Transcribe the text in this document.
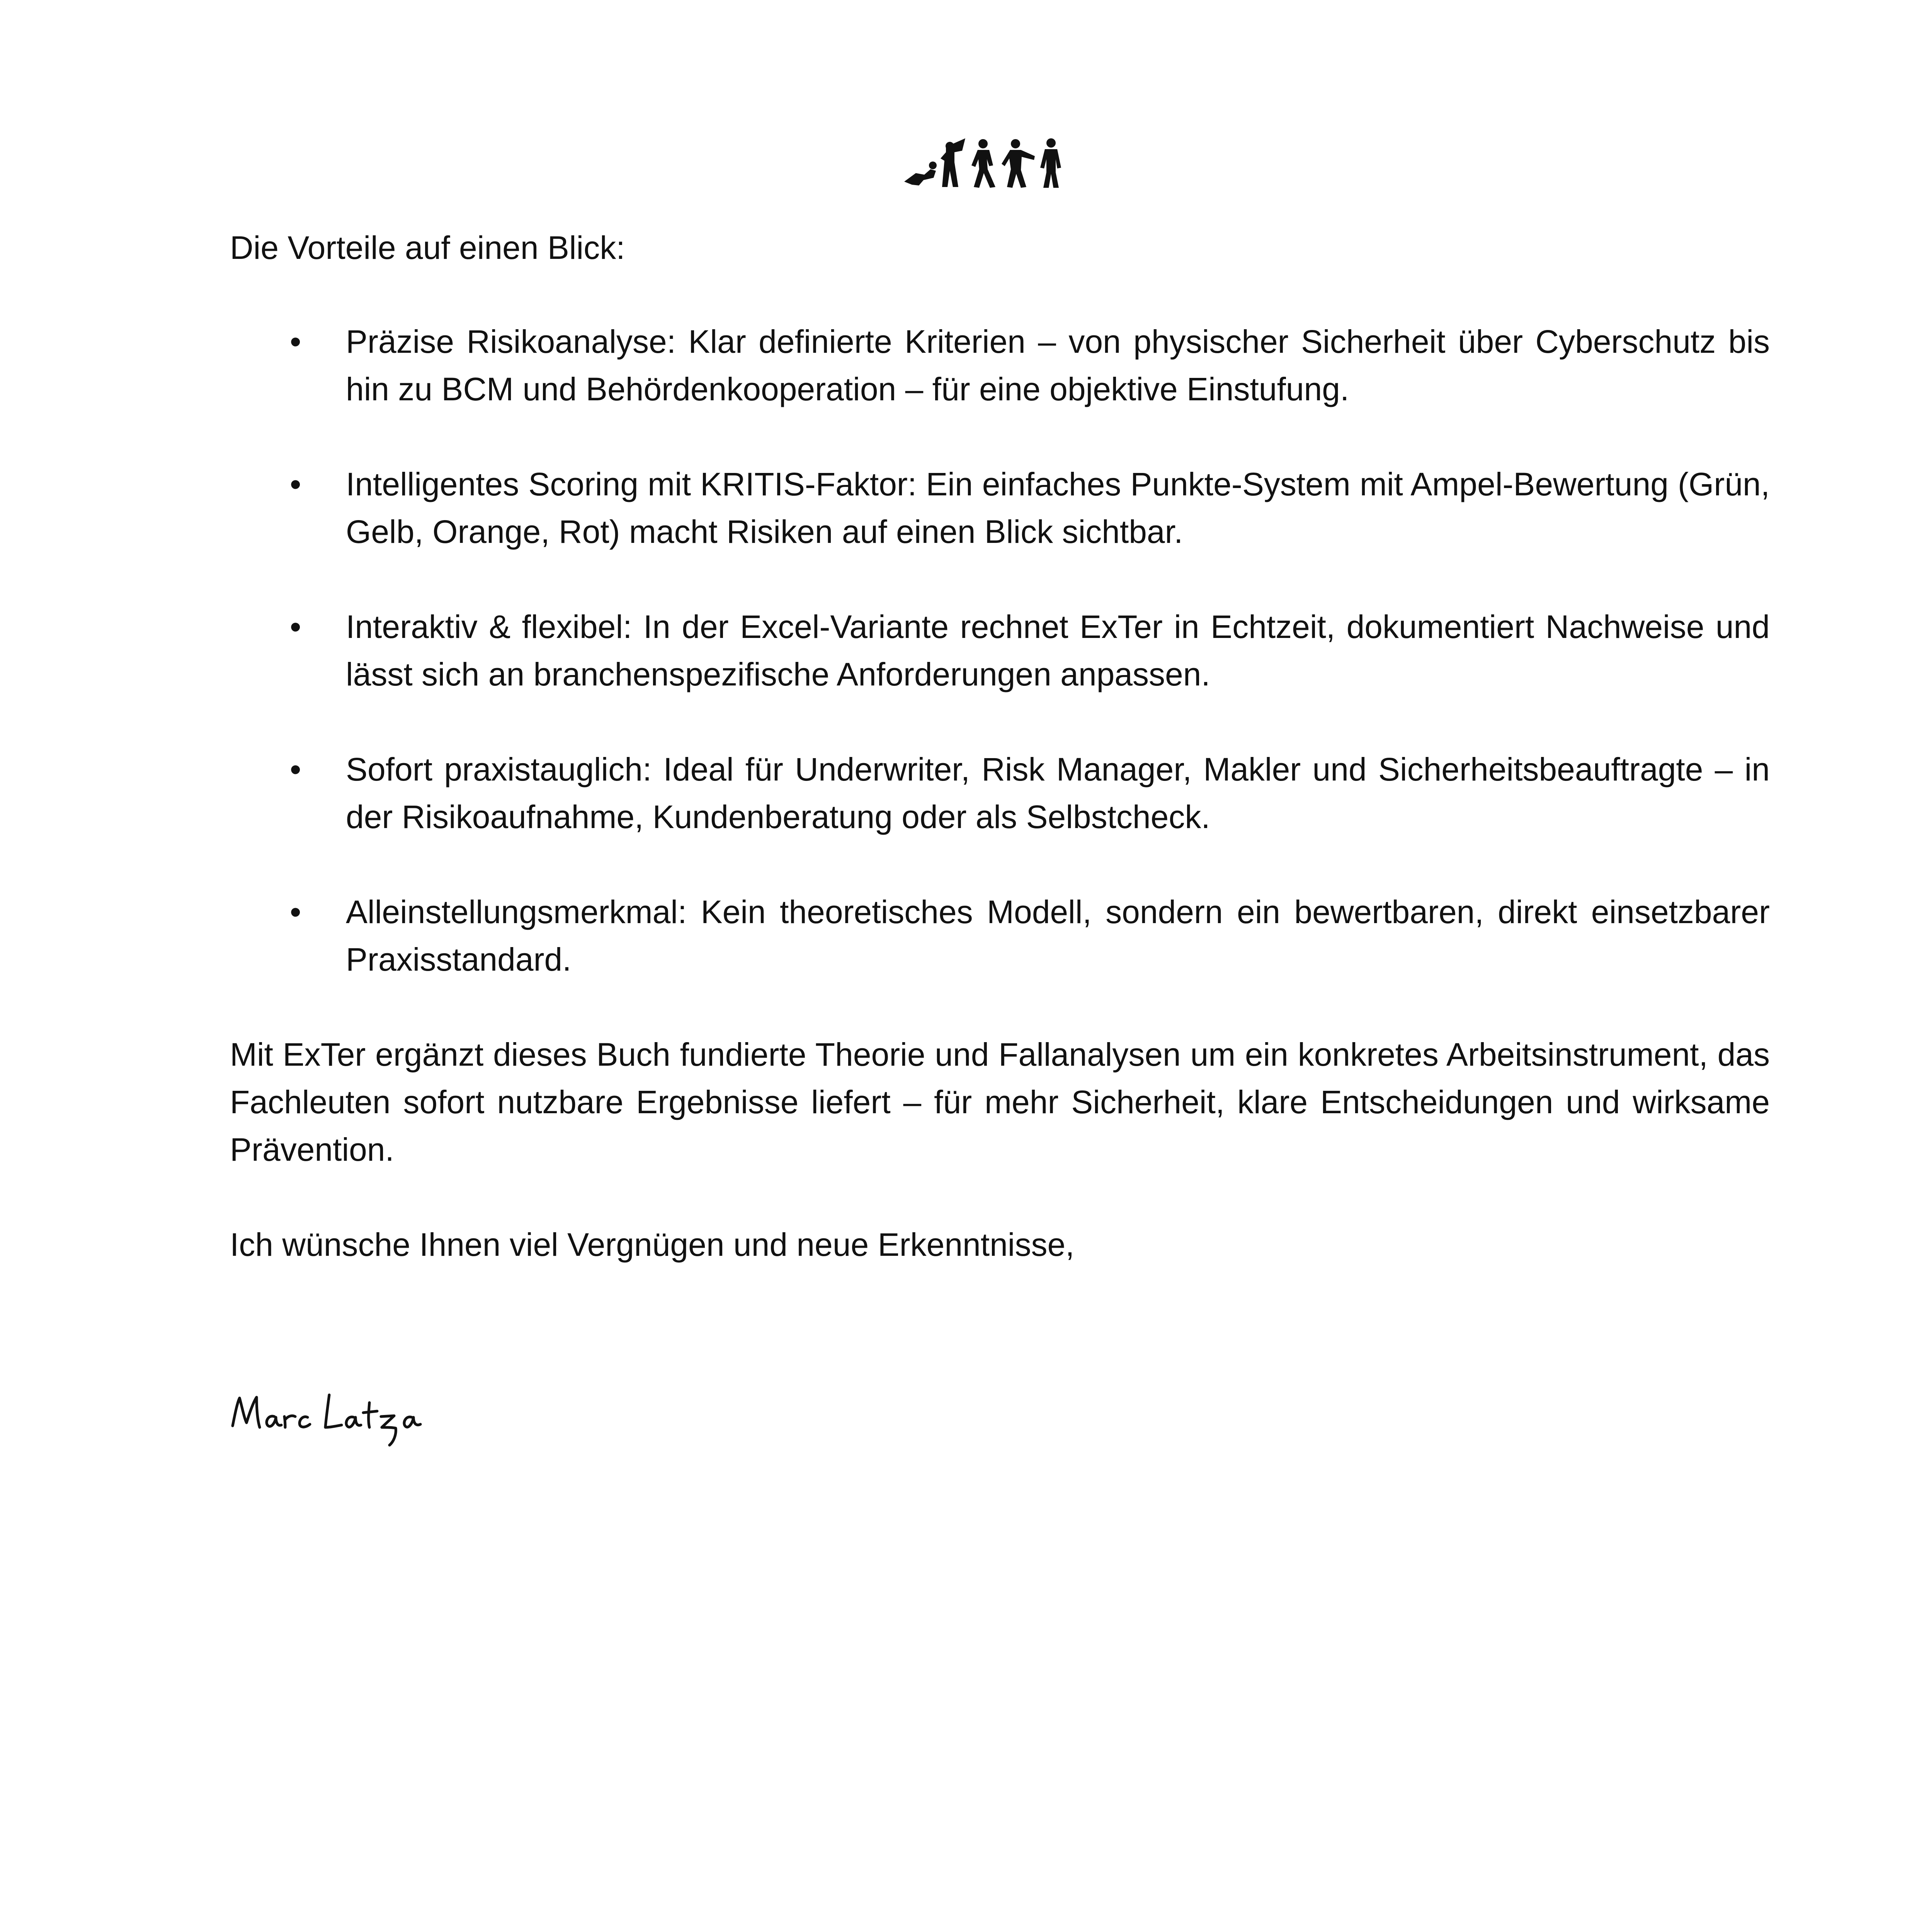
Die Vorteile auf einen Blick:

• Präzise Risikoanalyse: Klar definierte Kriterien – von physischer Sicherheit über Cyberschutz bis hin zu BCM und Behördenkooperation – für eine objektive Einstufung.
• Intelligentes Scoring mit KRITIS-Faktor: Ein einfaches Punkte-System mit Ampel-Bewertung (Grün, Gelb, Orange, Rot) macht Risiken auf einen Blick sichtbar.
• Interaktiv & flexibel: In der Excel-Variante rechnet ExTer in Echtzeit, dokumentiert Nachweise und lässt sich an branchenspezifische Anforderungen anpassen.
• Sofort praxistauglich: Ideal für Underwriter, Risk Manager, Makler und Sicherheitsbeauftragte – in der Risikoaufnahme, Kundenberatung oder als Selbstcheck.
• Alleinstellungsmerkmal: Kein theoretisches Modell, sondern ein bewertbaren, direkt einsetzbarer Praxisstandard.

Mit ExTer ergänzt dieses Buch fundierte Theorie und Fallanalysen um ein konkretes Arbeitsinstrument, das Fachleuten sofort nutzbare Ergebnisse liefert – für mehr Sicherheit, klare Entscheidungen und wirksame Prävention.

Ich wünsche Ihnen viel Vergnügen und neue Erkenntnisse,
